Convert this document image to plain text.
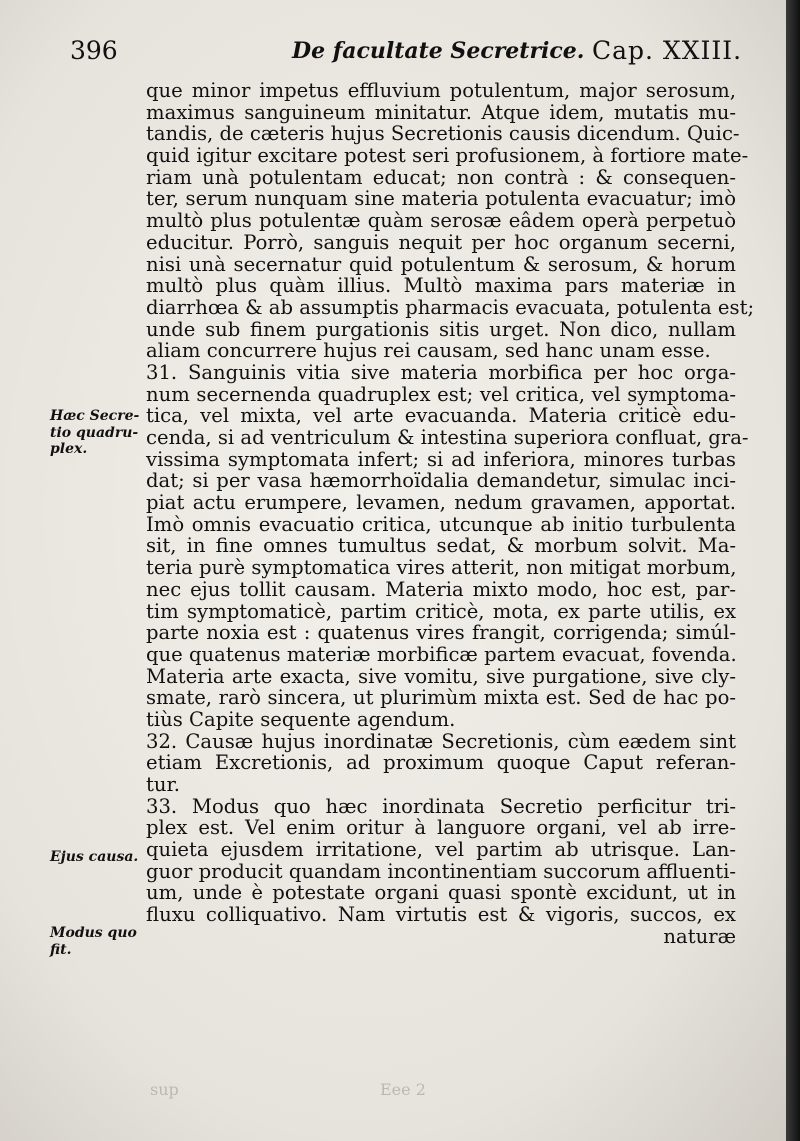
396	De facultate Secretrice. Cap. XXIII.
Hæc Secre- tio quadru- plex.
Ejus causa.
Modus quo fit.
que minor impetus effluvium potulentum, major serosum,
maximus sanguineum minitatur. Atque idem, mutatis mu-
tandis, de cæteris hujus Secretionis causis dicendum. Quic-
quid igitur excitare potest seri profusionem, à fortiore mate-
riam unà potulentam educat; non contrà : & consequen-
ter, serum nunquam sine materia potulenta evacuatur; imò
multò plus potulentæ quàm serosæ eâdem operà perpetuò
educitur. Porrò, sanguis nequit per hoc organum secerni,
nisi unà secernatur quid potulentum & serosum, & horum
multò plus quàm illius. Multò maxima pars materiæ in
diarrhœa & ab assumptis pharmacis evacuata, potulenta est;
unde sub finem purgationis sitis urget. Non dico, nullam
aliam concurrere hujus rei causam, sed hanc unam esse.
31. Sanguinis vitia sive materia morbifica per hoc orga-
num secernenda quadruplex est; vel critica, vel symptoma-
tica, vel mixta, vel arte evacuanda. Materia criticè edu-
cenda, si ad ventriculum & intestina superiora confluat, gra-
vissima symptomata infert; si ad inferiora, minores turbas
dat; si per vasa hæmorrhoïdalia demandetur, simulac inci-
piat actu erumpere, levamen, nedum gravamen, apportat.
Imò omnis evacuatio critica, utcunque ab initio turbulenta
sit, in fine omnes tumultus sedat, & morbum solvit. Ma-
teria purè symptomatica vires atterit, non mitigat morbum,
nec ejus tollit causam. Materia mixto modo, hoc est, par-
tim symptomaticè, partim criticè, mota, ex parte utilis, ex
parte noxia est : quatenus vires frangit, corrigenda; simúl-
que quatenus materiæ morbificæ partem evacuat, fovenda.
Materia arte exacta, sive vomitu, sive purgatione, sive cly-
smate, rarò sincera, ut plurimùm mixta est. Sed de hac po-
tiùs Capite sequente agendum.
32. Causæ hujus inordinatæ Secretionis, cùm eædem sint
etiam Excretionis, ad proximum quoque Caput referan-
tur.
33. Modus quo hæc inordinata Secretio perficitur tri-
plex est. Vel enim oritur à languore organi, vel ab irre-
quieta ejusdem irritatione, vel partim ab utrisque. Lan-
guor producit quandam incontinentiam succorum affluenti-
um, unde è potestate organi quasi spontè excidunt, ut in
fluxu colliquativo. Nam virtutis est & vigoris, succos, ex
naturæ
sup	Eee 2
